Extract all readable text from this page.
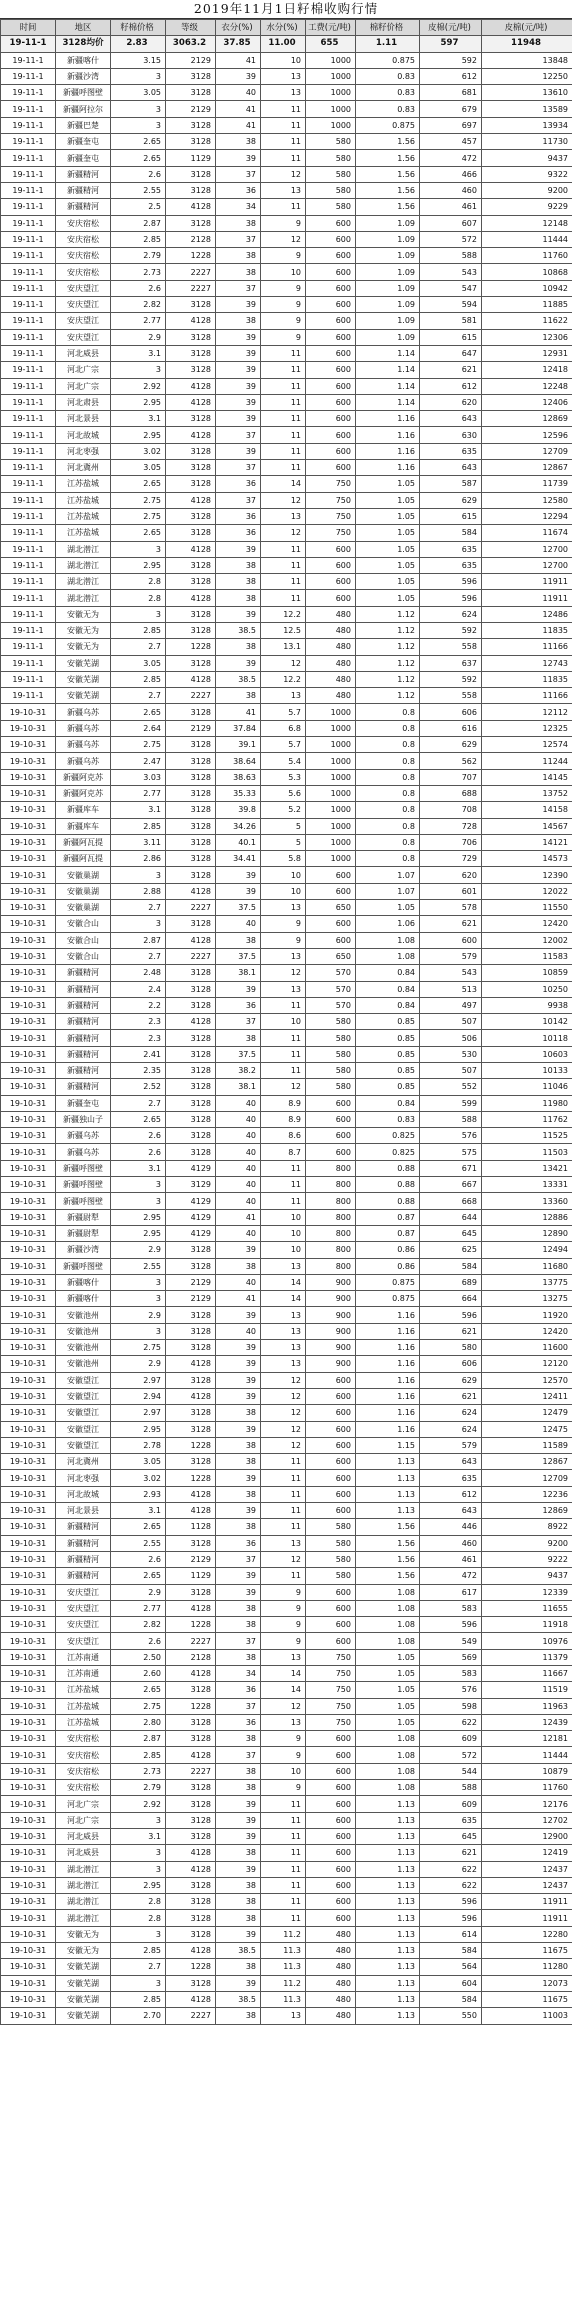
2019年11月1日籽棉收购行情
时间	地区	籽棉价格	等级	衣分(%)	水分(%)	工费(元/吨)	棉籽价格	皮棉(元/吨)	皮棉(元/吨)
19-11-1	3128均价	2.83	3063.2	37.85	11.00	655	1.11	597	11948
19-11-1	新疆喀什	3.15	2129	41	10	1000	0.875	592	13848
19-11-1	新疆沙湾	3	3128	39	13	1000	0.83	612	12250
19-11-1	新疆呼图壁	3.05	3128	40	13	1000	0.83	681	13610
19-11-1	新疆阿拉尔	3	2129	41	11	1000	0.83	679	13589
19-11-1	新疆巴楚	3	3128	41	11	1000	0.875	697	13934
19-11-1	新疆奎屯	2.65	3128	38	11	580	1.56	457	11730
19-11-1	新疆奎屯	2.65	1129	39	11	580	1.56	472	9437
19-11-1	新疆精河	2.6	3128	37	12	580	1.56	466	9322
19-11-1	新疆精河	2.55	3128	36	13	580	1.56	460	9200
19-11-1	新疆精河	2.5	4128	34	11	580	1.56	461	9229
19-11-1	安庆宿松	2.87	3128	38	9	600	1.09	607	12148
19-11-1	安庆宿松	2.85	2128	37	12	600	1.09	572	11444
19-11-1	安庆宿松	2.79	1228	38	9	600	1.09	588	11760
19-11-1	安庆宿松	2.73	2227	38	10	600	1.09	543	10868
19-11-1	安庆望江	2.6	2227	37	9	600	1.09	547	10942
19-11-1	安庆望江	2.82	3128	39	9	600	1.09	594	11885
19-11-1	安庆望江	2.77	4128	38	9	600	1.09	581	11622
19-11-1	安庆望江	2.9	3128	39	9	600	1.09	615	12306
19-11-1	河北威县	3.1	3128	39	11	600	1.14	647	12931
19-11-1	河北广宗	3	3128	39	11	600	1.14	621	12418
19-11-1	河北广宗	2.92	4128	39	11	600	1.14	612	12248
19-11-1	河北肃县	2.95	4128	39	11	600	1.14	620	12406
19-11-1	河北景县	3.1	3128	39	11	600	1.16	643	12869
19-11-1	河北故城	2.95	4128	37	11	600	1.16	630	12596
19-11-1	河北枣强	3.02	3128	39	11	600	1.16	635	12709
19-11-1	河北冀州	3.05	3128	37	11	600	1.16	643	12867
19-11-1	江苏盐城	2.65	3128	36	14	750	1.05	587	11739
19-11-1	江苏盐城	2.75	4128	37	12	750	1.05	629	12580
19-11-1	江苏盐城	2.75	3128	36	13	750	1.05	615	12294
19-11-1	江苏盐城	2.65	3128	36	12	750	1.05	584	11674
19-11-1	湖北潜江	3	4128	39	11	600	1.05	635	12700
19-11-1	湖北潜江	2.95	3128	38	11	600	1.05	635	12700
19-11-1	湖北潜江	2.8	3128	38	11	600	1.05	596	11911
19-11-1	湖北潜江	2.8	4128	38	11	600	1.05	596	11911
19-11-1	安徽无为	3	3128	39	12.2	480	1.12	624	12486
19-11-1	安徽无为	2.85	3128	38.5	12.5	480	1.12	592	11835
19-11-1	安徽无为	2.7	1228	38	13.1	480	1.12	558	11166
19-11-1	安徽芜湖	3.05	3128	39	12	480	1.12	637	12743
19-11-1	安徽芜湖	2.85	4128	38.5	12.2	480	1.12	592	11835
19-11-1	安徽芜湖	2.7	2227	38	13	480	1.12	558	11166
19-10-31	新疆乌苏	2.65	3128	41	5.7	1000	0.8	606	12112
19-10-31	新疆乌苏	2.64	2129	37.84	6.8	1000	0.8	616	12325
19-10-31	新疆乌苏	2.75	3128	39.1	5.7	1000	0.8	629	12574
19-10-31	新疆乌苏	2.47	3128	38.64	5.4	1000	0.8	562	11244
19-10-31	新疆阿克苏	3.03	3128	38.63	5.3	1000	0.8	707	14145
19-10-31	新疆阿克苏	2.77	3128	35.33	5.6	1000	0.8	688	13752
19-10-31	新疆库车	3.1	3128	39.8	5.2	1000	0.8	708	14158
19-10-31	新疆库车	2.85	3128	34.26	5	1000	0.8	728	14567
19-10-31	新疆阿瓦提	3.11	3128	40.1	5	1000	0.8	706	14121
19-10-31	新疆阿瓦提	2.86	3128	34.41	5.8	1000	0.8	729	14573
19-10-31	安徽巢湖	3	3128	39	10	600	1.07	620	12390
19-10-31	安徽巢湖	2.88	4128	39	10	600	1.07	601	12022
19-10-31	安徽巢湖	2.7	2227	37.5	13	650	1.05	578	11550
19-10-31	安徽合山	3	3128	40	9	600	1.06	621	12420
19-10-31	安徽合山	2.87	4128	38	9	600	1.08	600	12002
19-10-31	安徽合山	2.7	2227	37.5	13	650	1.08	579	11583
19-10-31	新疆精河	2.48	3128	38.1	12	570	0.84	543	10859
19-10-31	新疆精河	2.4	3128	39	13	570	0.84	513	10250
19-10-31	新疆精河	2.2	3128	36	11	570	0.84	497	9938
19-10-31	新疆精河	2.3	4128	37	10	580	0.85	507	10142
19-10-31	新疆精河	2.3	3128	38	11	580	0.85	506	10118
19-10-31	新疆精河	2.41	3128	37.5	11	580	0.85	530	10603
19-10-31	新疆精河	2.35	3128	38.2	11	580	0.85	507	10133
19-10-31	新疆精河	2.52	3128	38.1	12	580	0.85	552	11046
19-10-31	新疆奎屯	2.7	3128	40	8.9	600	0.84	599	11980
19-10-31	新疆独山子	2.65	3128	40	8.9	600	0.83	588	11762
19-10-31	新疆乌苏	2.6	3128	40	8.6	600	0.825	576	11525
19-10-31	新疆乌苏	2.6	3128	40	8.7	600	0.825	575	11503
19-10-31	新疆呼图壁	3.1	4129	40	11	800	0.88	671	13421
19-10-31	新疆呼图壁	3	3129	40	11	800	0.88	667	13331
19-10-31	新疆呼图壁	3	4129	40	11	800	0.88	668	13360
19-10-31	新疆尉犁	2.95	4129	41	10	800	0.87	644	12886
19-10-31	新疆尉犁	2.95	4129	40	10	800	0.87	645	12890
19-10-31	新疆沙湾	2.9	3128	39	10	800	0.86	625	12494
19-10-31	新疆呼图壁	2.55	3128	38	13	800	0.86	584	11680
19-10-31	新疆喀什	3	2129	40	14	900	0.875	689	13775
19-10-31	新疆喀什	3	2129	41	14	900	0.875	664	13275
19-10-31	安徽池州	2.9	3128	39	13	900	1.16	596	11920
19-10-31	安徽池州	3	3128	40	13	900	1.16	621	12420
19-10-31	安徽池州	2.75	3128	39	13	900	1.16	580	11600
19-10-31	安徽池州	2.9	4128	39	13	900	1.16	606	12120
19-10-31	安徽望江	2.97	3128	39	12	600	1.16	629	12570
19-10-31	安徽望江	2.94	4128	39	12	600	1.16	621	12411
19-10-31	安徽望江	2.97	3128	38	12	600	1.16	624	12479
19-10-31	安徽望江	2.95	3128	39	12	600	1.16	624	12475
19-10-31	安徽望江	2.78	1228	38	12	600	1.15	579	11589
19-10-31	河北冀州	3.05	3128	38	11	600	1.13	643	12867
19-10-31	河北枣强	3.02	1228	39	11	600	1.13	635	12709
19-10-31	河北故城	2.93	4128	38	11	600	1.13	612	12236
19-10-31	河北景县	3.1	4128	39	11	600	1.13	643	12869
19-10-31	新疆精河	2.65	1128	38	11	580	1.56	446	8922
19-10-31	新疆精河	2.55	3128	36	13	580	1.56	460	9200
19-10-31	新疆精河	2.6	2129	37	12	580	1.56	461	9222
19-10-31	新疆精河	2.65	1129	39	11	580	1.56	472	9437
19-10-31	安庆望江	2.9	3128	39	9	600	1.08	617	12339
19-10-31	安庆望江	2.77	4128	38	9	600	1.08	583	11655
19-10-31	安庆望江	2.82	1228	38	9	600	1.08	596	11918
19-10-31	安庆望江	2.6	2227	37	9	600	1.08	549	10976
19-10-31	江苏南通	2.50	2128	38	13	750	1.05	569	11379
19-10-31	江苏南通	2.60	4128	34	14	750	1.05	583	11667
19-10-31	江苏盐城	2.65	3128	36	14	750	1.05	576	11519
19-10-31	江苏盐城	2.75	1228	37	12	750	1.05	598	11963
19-10-31	江苏盐城	2.80	3128	36	13	750	1.05	622	12439
19-10-31	安庆宿松	2.87	3128	38	9	600	1.08	609	12181
19-10-31	安庆宿松	2.85	4128	37	9	600	1.08	572	11444
19-10-31	安庆宿松	2.73	2227	38	10	600	1.08	544	10879
19-10-31	安庆宿松	2.79	3128	38	9	600	1.08	588	11760
19-10-31	河北广宗	2.92	3128	39	11	600	1.13	609	12176
19-10-31	河北广宗	3	3128	39	11	600	1.13	635	12702
19-10-31	河北威县	3.1	3128	39	11	600	1.13	645	12900
19-10-31	河北威县	3	4128	38	11	600	1.13	621	12419
19-10-31	湖北潜江	3	4128	39	11	600	1.13	622	12437
19-10-31	湖北潜江	2.95	3128	38	11	600	1.13	622	12437
19-10-31	湖北潜江	2.8	3128	38	11	600	1.13	596	11911
19-10-31	湖北潜江	2.8	3128	38	11	600	1.13	596	11911
19-10-31	安徽无为	3	3128	39	11.2	480	1.13	614	12280
19-10-31	安徽无为	2.85	4128	38.5	11.3	480	1.13	584	11675
19-10-31	安徽芜湖	2.7	1228	38	11.3	480	1.13	564	11280
19-10-31	安徽芜湖	3	3128	39	11.2	480	1.13	604	12073
19-10-31	安徽芜湖	2.85	4128	38.5	11.3	480	1.13	584	11675
19-10-31	安徽芜湖	2.70	2227	38	13	480	1.13	550	11003
